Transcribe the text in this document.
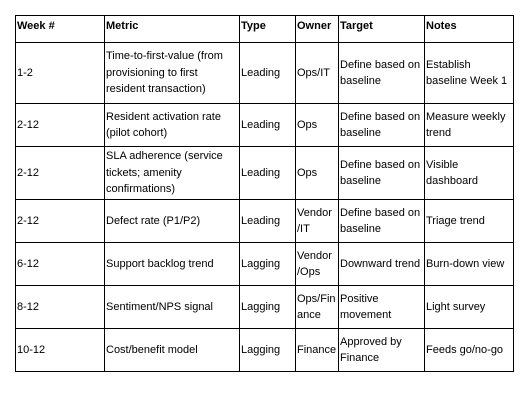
Week #	Metric	Type	Owner	Target	Notes
1-2	Time-to-first-value (from provisioning to first resident transaction)	Leading	Ops/IT	Define based on baseline	Establish baseline Week 1
2-12	Resident activation rate (pilot cohort)	Leading	Ops	Define based on baseline	Measure weekly trend
2-12	SLA adherence (service tickets; amenity confirmations)	Leading	Ops	Define based on baseline	Visible dashboard
2-12	Defect rate (P1/P2)	Leading	Vendor /IT	Define based on baseline	Triage trend
6-12	Support backlog trend	Lagging	Vendor /Ops	Downward trend	Burn-down view
8-12	Sentiment/NPS signal	Lagging	Ops/Fin ance	Positive movement	Light survey
10-12	Cost/benefit model	Lagging	Finance	Approved by Finance	Feeds go/no-go
